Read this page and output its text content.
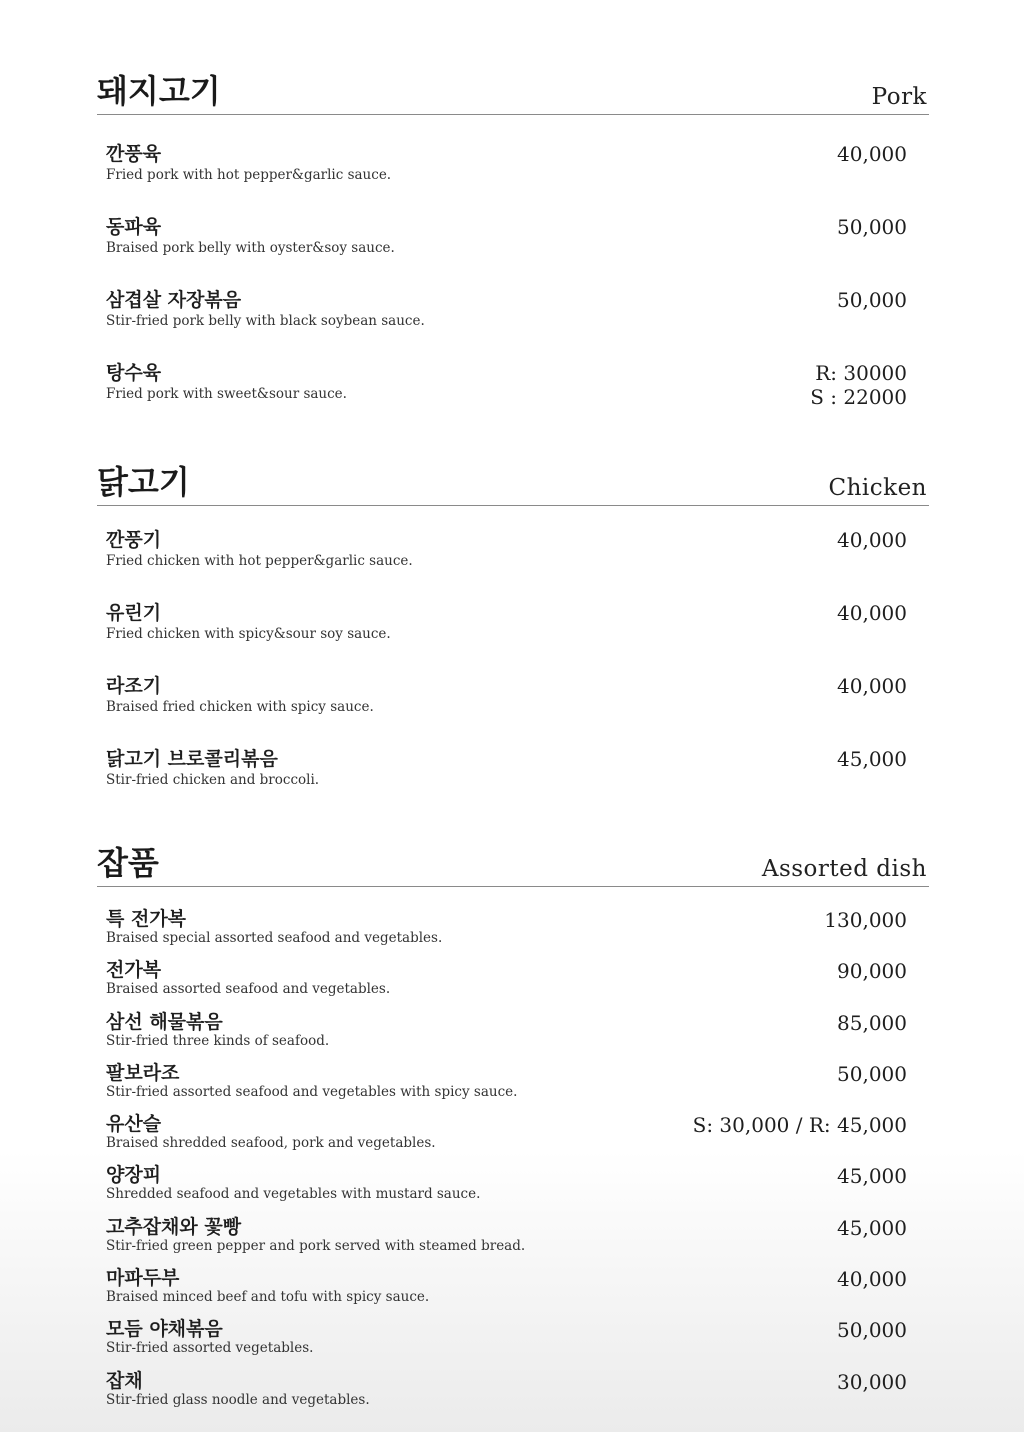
돼지고기	Pork
깐풍육
Fried pork with hot pepper&garlic sauce.
40,000
동파육
Braised pork belly with oyster&soy sauce.
50,000
삼겹살 자장볶음
Stir-fried pork belly with black soybean sauce.
50,000
탕수육
Fried pork with sweet&sour sauce.
R: 30000
S : 22000
닭고기	Chicken
깐풍기
Fried chicken with hot pepper&garlic sauce.
40,000
유린기
Fried chicken with spicy&sour soy sauce.
40,000
라조기
Braised fried chicken with spicy sauce.
40,000
닭고기 브로콜리볶음
Stir-fried chicken and broccoli.
45,000
잡품	Assorted dish
특 전가복
Braised special assorted seafood and vegetables.
130,000
전가복
Braised assorted seafood and vegetables.
90,000
삼선 해물볶음
Stir-fried three kinds of seafood.
85,000
팔보라조
Stir-fried assorted seafood and vegetables with spicy sauce.
50,000
유산슬
Braised shredded seafood, pork and vegetables.
S: 30,000 / R: 45,000
양장피
Shredded seafood and vegetables with mustard sauce.
45,000
고추잡채와 꽃빵
Stir-fried green pepper and pork served with steamed bread.
45,000
마파두부
Braised minced beef and tofu with spicy sauce.
40,000
모듬 야채볶음
Stir-fried assorted vegetables.
50,000
잡채
Stir-fried glass noodle and vegetables.
30,000
